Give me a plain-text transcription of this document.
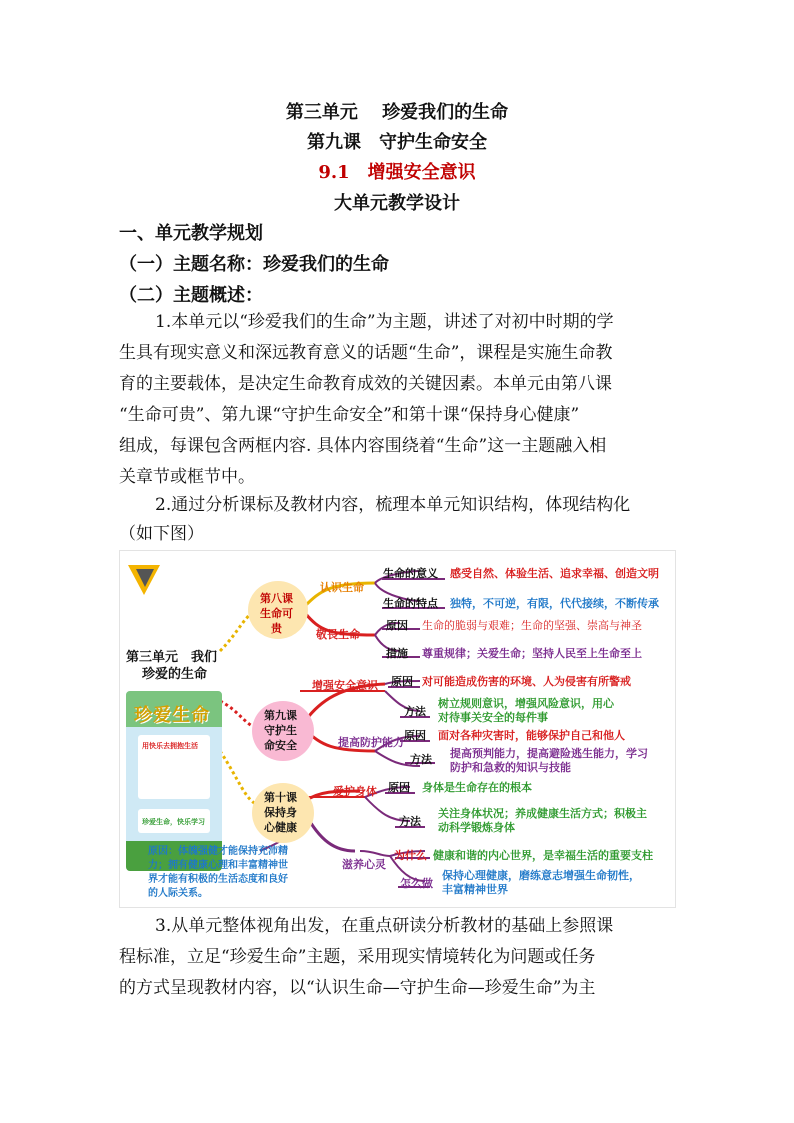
第三单元　 珍爱我们的生命
第九课　守护生命安全
9.1　增强安全意识
大单元教学设计
一、单元教学规划
（一）主题名称：珍爱我们的生命
（二）主题概述：
1.本单元以“珍爱我们的生命”为主题，讲述了对初中时期的学
生具有现实意义和深远教育意义的话题“生命”，课程是实施生命教
育的主要载体，是决定生命教育成效的关键因素。本单元由第八课
“生命可贵”、第九课“守护生命安全”和第十课“保持身心健康”
组成，每课包含两框内容. 具体内容围绕着“生命”这一主题融入相
关章节或框节中。
2.通过分析课标及教材内容，梳理本单元知识结构，体现结构化
（如下图）
第三单元　我们
珍爱的生命
珍爱生命
用快乐去拥抱生活
珍爱生命，快乐学习
第八课
生命可
贵
第九课
守护生
命安全
第十课
保持身
心健康
认识生命
敬畏生命
增强安全意识
提高防护能力
爱护身体
滋养心灵
生命的意义
生命的特点
原因
措施
原因
方法
原因
方法
原因
方法
为什么
怎么做
感受自然、体验生活、追求幸福、创造文明
独特，不可逆，有限，代代接续，不断传承
生命的脆弱与艰难；生命的坚强、崇高与神圣
尊重规律；关爱生命；坚持人民至上生命至上
对可能造成伤害的环境、人为侵害有所警戒
树立规则意识，增强风险意识，用心
对待事关安全的每件事
面对各种灾害时，能够保护自己和他人
提高预判能力，提高避险逃生能力，学习
防护和急救的知识与技能
身体是生命存在的根本
关注身体状况；养成健康生活方式；积极主
动科学锻炼身体
健康和谐的内心世界，是幸福生活的重要支柱
保持心理健康，磨练意志增强生命韧性，
丰富精神世界
原因：体魄强健才能保持充沛精
力；拥有健康心理和丰富精神世
界才能有积极的生活态度和良好
的人际关系。
3.从单元整体视角出发，在重点研读分析教材的基础上参照课
程标准，立足“珍爱生命”主题，采用现实情境转化为问题或任务
的方式呈现教材内容，以“认识生命—守护生命—珍爱生命”为主
